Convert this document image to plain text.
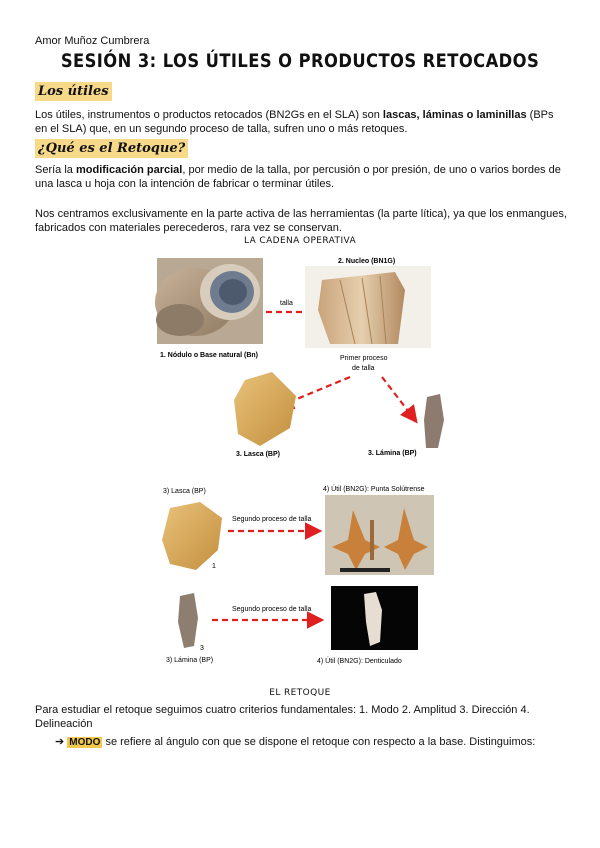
Amor Muñoz Cumbrera
SESIÓN 3: LOS ÚTILES O PRODUCTOS RETOCADOS
Los útiles
Los útiles, instrumentos o productos retocados (BN2Gs en el SLA) son lascas, láminas o laminillas (BPs en el SLA) que, en un segundo proceso de talla, sufren uno o más retoques.
¿Qué es el Retoque?
Sería la modificación parcial, por medio de la talla, por percusión o por presión, de uno o varios bordes de una lasca u hoja con la intención de fabricar o terminar útiles.
Nos centramos exclusivamente en la parte activa de las herramientas (la parte lítica), ya que los enmangues, fabricados con materiales perecederos, rara vez se conservan.
LA CADENA OPERATIVA
1. Nódulo o Base natural (Bn)
talla
2. Nucleo (BN1G)
Primer proceso
de talla
3. Lasca (BP)	3. Lámina (BP)
3) Lasca (BP)
1
Segundo proceso de talla
4) Útil (BN2G): Punta Solútrense
3
3) Lámina (BP)
Segundo proceso de talla
4) Útil (BN2G): Denticulado
EL RETOQUE
Para estudiar el retoque seguimos cuatro criterios fundamentales: 1. Modo 2. Amplitud 3. Dirección 4. Delineación
➔ MODO se refiere al ángulo con que se dispone el retoque con respecto a la base. Distinguimos:
